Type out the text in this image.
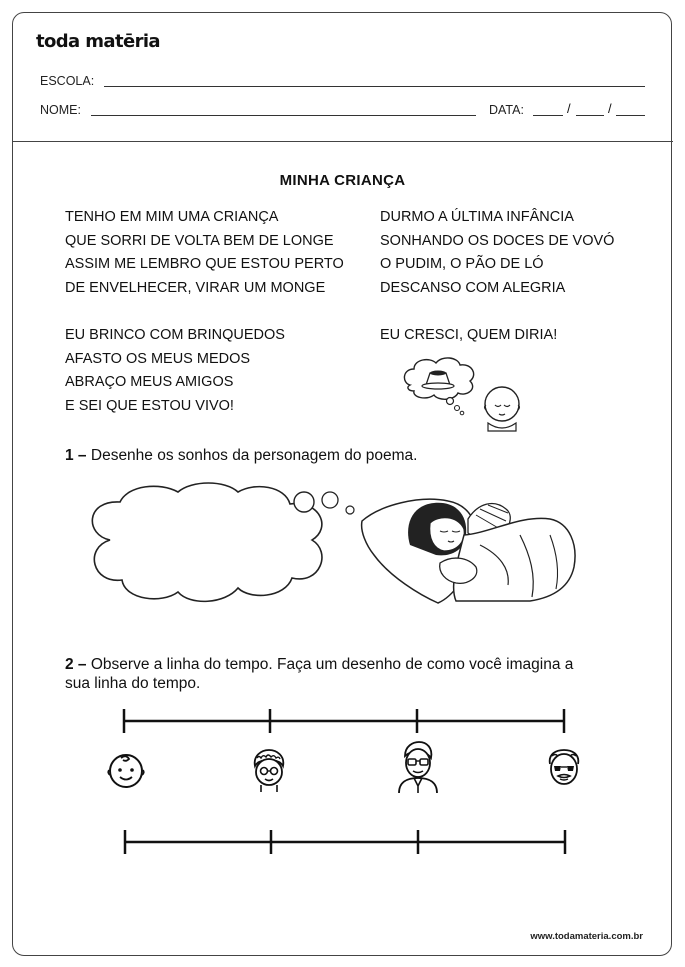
toda matēria
ESCOLA:
NOME:	DATA:	/	/
MINHA CRIANÇA
TENHO EM MIM UMA CRIANÇA
QUE SORRI DE VOLTA BEM DE LONGE
ASSIM ME LEMBRO QUE ESTOU PERTO
DE ENVELHECER, VIRAR UM MONGE
DURMO A ÚLTIMA INFÂNCIA
SONHANDO OS DOCES DE VOVÓ
O PUDIM, O PÃO DE LÓ
DESCANSO COM ALEGRIA
EU BRINCO COM BRINQUEDOS
AFASTO OS MEUS MEDOS
ABRAÇO MEUS AMIGOS
E SEI QUE ESTOU VIVO!
EU CRESCI, QUEM DIRIA!
1 – Desenhe os sonhos da personagem do poema.
2 – Observe a linha do tempo. Faça um desenho de como você imagina a
sua linha do tempo.
www.todamateria.com.br
